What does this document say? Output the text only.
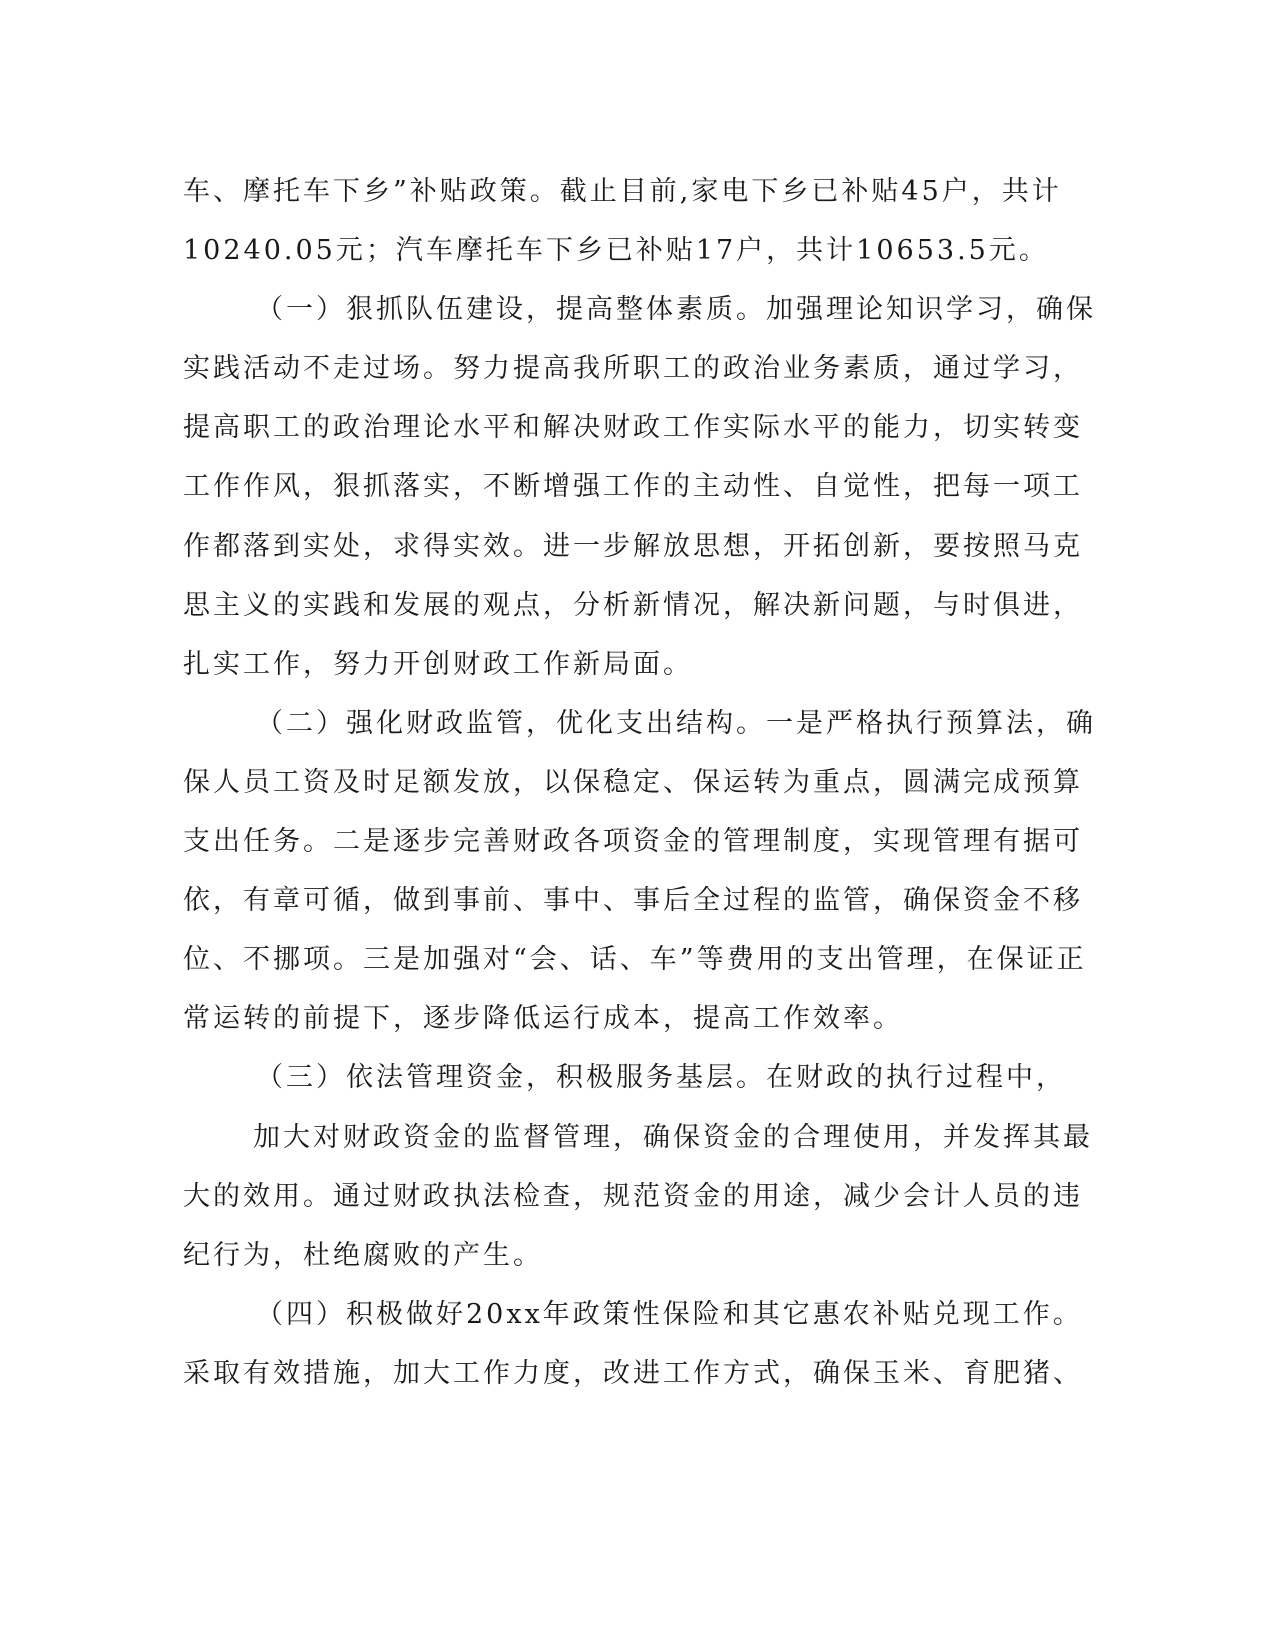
车、摩托车下乡”补贴政策。截止目前,家电下乡已补贴45户，共计
10240.05元；汽车摩托车下乡已补贴17户，共计10653.5元。
（一）狠抓队伍建设，提高整体素质。加强理论知识学习，确保
实践活动不走过场。努力提高我所职工的政治业务素质，通过学习，
提高职工的政治理论水平和解决财政工作实际水平的能力，切实转变
工作作风，狠抓落实，不断增强工作的主动性、自觉性，把每一项工
作都落到实处，求得实效。进一步解放思想，开拓创新，要按照马克
思主义的实践和发展的观点，分析新情况，解决新问题，与时俱进，
扎实工作，努力开创财政工作新局面。
（二）强化财政监管，优化支出结构。一是严格执行预算法，确
保人员工资及时足额发放，以保稳定、保运转为重点，圆满完成预算
支出任务。二是逐步完善财政各项资金的管理制度，实现管理有据可
依，有章可循，做到事前、事中、事后全过程的监管，确保资金不移
位、不挪项。三是加强对“会、话、车”等费用的支出管理，在保证正
常运转的前提下，逐步降低运行成本，提高工作效率。
（三）依法管理资金，积极服务基层。在财政的执行过程中，
加大对财政资金的监督管理，确保资金的合理使用，并发挥其最
大的效用。通过财政执法检查，规范资金的用途，减少会计人员的违
纪行为，杜绝腐败的产生。
（四）积极做好20xx年政策性保险和其它惠农补贴兑现工作。
采取有效措施，加大工作力度，改进工作方式，确保玉米、育肥猪、
